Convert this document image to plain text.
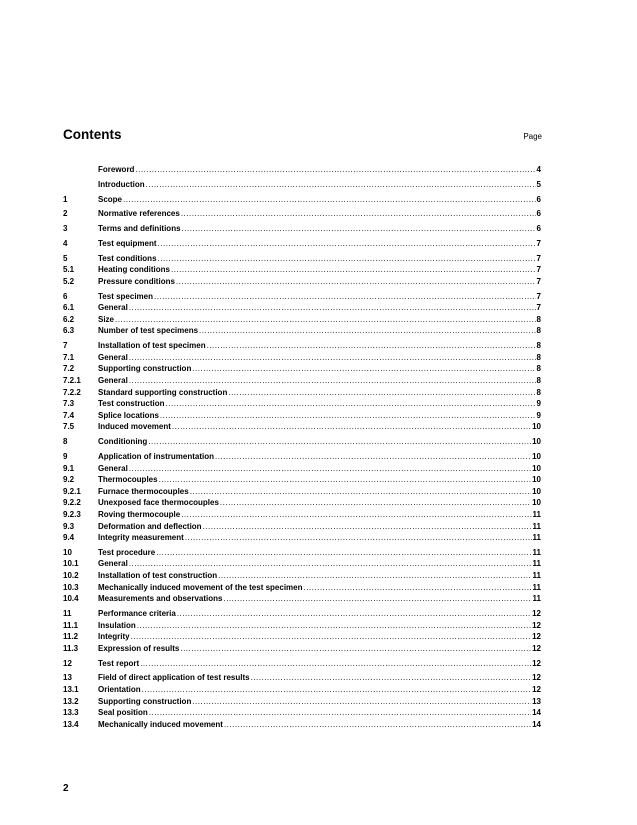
Contents	Page
Foreword .....	4
Introduction .....	5
1	Scope .....	6
2	Normative references .....	6
3	Terms and definitions .....	6
4	Test equipment .....	7
5	Test conditions .....	7
5.1	Heating conditions .....	7
5.2	Pressure conditions .....	7
6	Test specimen .....	7
6.1	General .....	7
6.2	Size .....	8
6.3	Number of test specimens .....	8
7	Installation of test specimen .....	8
7.1	General .....	8
7.2	Supporting construction .....	8
7.2.1	General .....	8
7.2.2	Standard supporting construction .....	8
7.3	Test construction .....	9
7.4	Splice locations .....	9
7.5	Induced movement .....	10
8	Conditioning .....	10
9	Application of instrumentation .....	10
9.1	General .....	10
9.2	Thermocouples .....	10
9.2.1	Furnace thermocouples .....	10
9.2.2	Unexposed face thermocouples .....	10
9.2.3	Roving thermocouple .....	11
9.3	Deformation and deflection .....	11
9.4	Integrity measurement .....	11
10	Test procedure .....	11
10.1	General .....	11
10.2	Installation of test construction .....	11
10.3	Mechanically induced movement of the test specimen .....	11
10.4	Measurements and observations .....	11
11	Performance criteria .....	12
11.1	Insulation .....	12
11.2	Integrity .....	12
11.3	Expression of results .....	12
12	Test report .....	12
13	Field of direct application of test results .....	12
13.1	Orientation .....	12
13.2	Supporting construction .....	13
13.3	Seal position .....	14
13.4	Mechanically induced movement .....	14
2
